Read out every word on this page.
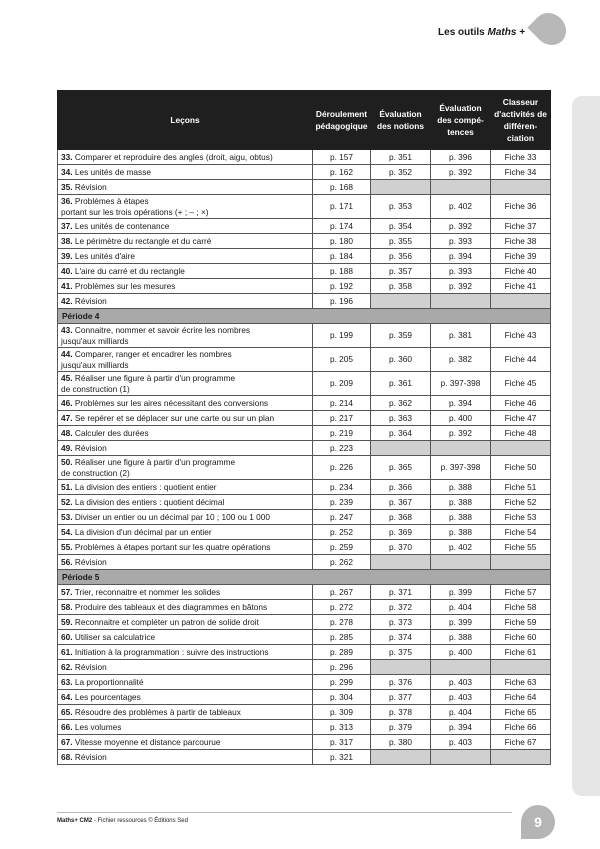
Les outils Maths +
Leçons	Déroulement pédagogique	Évaluation des notions	Évaluation des compé-tences	Classeur d'activités de différen-ciation
33. Comparer et reproduire des angles (droit, aigu, obtus)	p. 157	p. 351	p. 396	Fiche 33
34. Les unités de masse	p. 162	p. 352	p. 392	Fiche 34
35. Révision	p. 168			
36. Problèmes à étapes
portant sur les trois opérations (+ ; – ; ×)	p. 171	p. 353	p. 402	Fiche 36
37. Les unités de contenance	p. 174	p. 354	p. 392	Fiche 37
38. Le périmètre du rectangle et du carré	p. 180	p. 355	p. 393	Fiche 38
39. Les unités d'aire	p. 184	p. 356	p. 394	Fiche 39
40. L'aire du carré et du rectangle	p. 188	p. 357	p. 393	Fiche 40
41. Problèmes sur les mesures	p. 192	p. 358	p. 392	Fiche 41
42. Révision	p. 196			
Période 4				
43. Connaitre, nommer et savoir écrire les nombres
jusqu'aux milliards	p. 199	p. 359	p. 381	Fiche 43
44. Comparer, ranger et encadrer les nombres
jusqu'aux milliards	p. 205	p. 360	p. 382	Fiche 44
45. Réaliser une figure à partir d'un programme
de construction (1)	p. 209	p. 361	p. 397-398	Fiche 45
46. Problèmes sur les aires nécessitant des conversions	p. 214	p. 362	p. 394	Fiche 46
47. Se repérer et se déplacer sur une carte ou sur un plan	p. 217	p. 363	p. 400	Fiche 47
48. Calculer des durées	p. 219	p. 364	p. 392	Fiche 48
49. Révision	p. 223			
50. Réaliser une figure à partir d'un programme
de construction (2)	p. 226	p. 365	p. 397-398	Fiche 50
51. La division des entiers : quotient entier	p. 234	p. 366	p. 388	Fiche 51
52. La division des entiers : quotient décimal	p. 239	p. 367	p. 388	Fiche 52
53. Diviser un entier ou un décimal par 10 ; 100 ou 1 000	p. 247	p. 368	p. 388	Fiche 53
54. La division d'un décimal par un entier	p. 252	p. 369	p. 388	Fiche 54
55. Problèmes à étapes portant sur les quatre opérations	p. 259	p. 370	p. 402	Fiche 55
56. Révision	p. 262			
Période 5				
57. Trier, reconnaitre et nommer les solides	p. 267	p. 371	p. 399	Fiche 57
58. Produire des tableaux et des diagrammes en bâtons	p. 272	p. 372	p. 404	Fiche 58
59. Reconnaitre et compléter un patron de solide droit	p. 278	p. 373	p. 399	Fiche 59
60. Utiliser sa calculatrice	p. 285	p. 374	p. 388	Fiche 60
61. Initiation à la programmation : suivre des instructions	p. 289	p. 375	p. 400	Fiche 61
62. Révision	p. 296			
63. La proportionnalité	p. 299	p. 376	p. 403	Fiche 63
64. Les pourcentages	p. 304	p. 377	p. 403	Fiche 64
65. Résoudre des problèmes à partir de tableaux	p. 309	p. 378	p. 404	Fiche 65
66. Les volumes	p. 313	p. 379	p. 394	Fiche 66
67. Vitesse moyenne et distance parcourue	p. 317	p. 380	p. 403	Fiche 67
68. Révision	p. 321			
Maths+ CM2 - Fichier ressources © Éditions Sed	9
